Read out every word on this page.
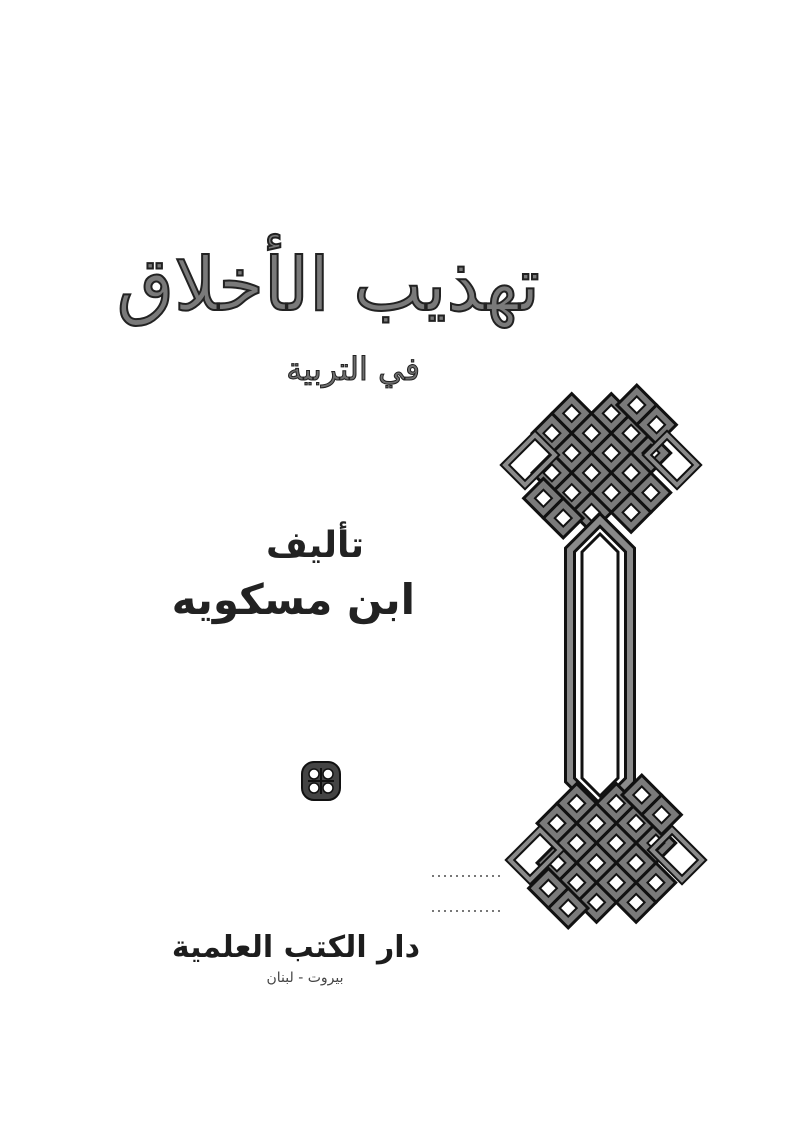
تهذيب الأخلاق
في التربية
تأليف
ابن مسكويه
دار الكتب العلمية
بيروت - لبنان
